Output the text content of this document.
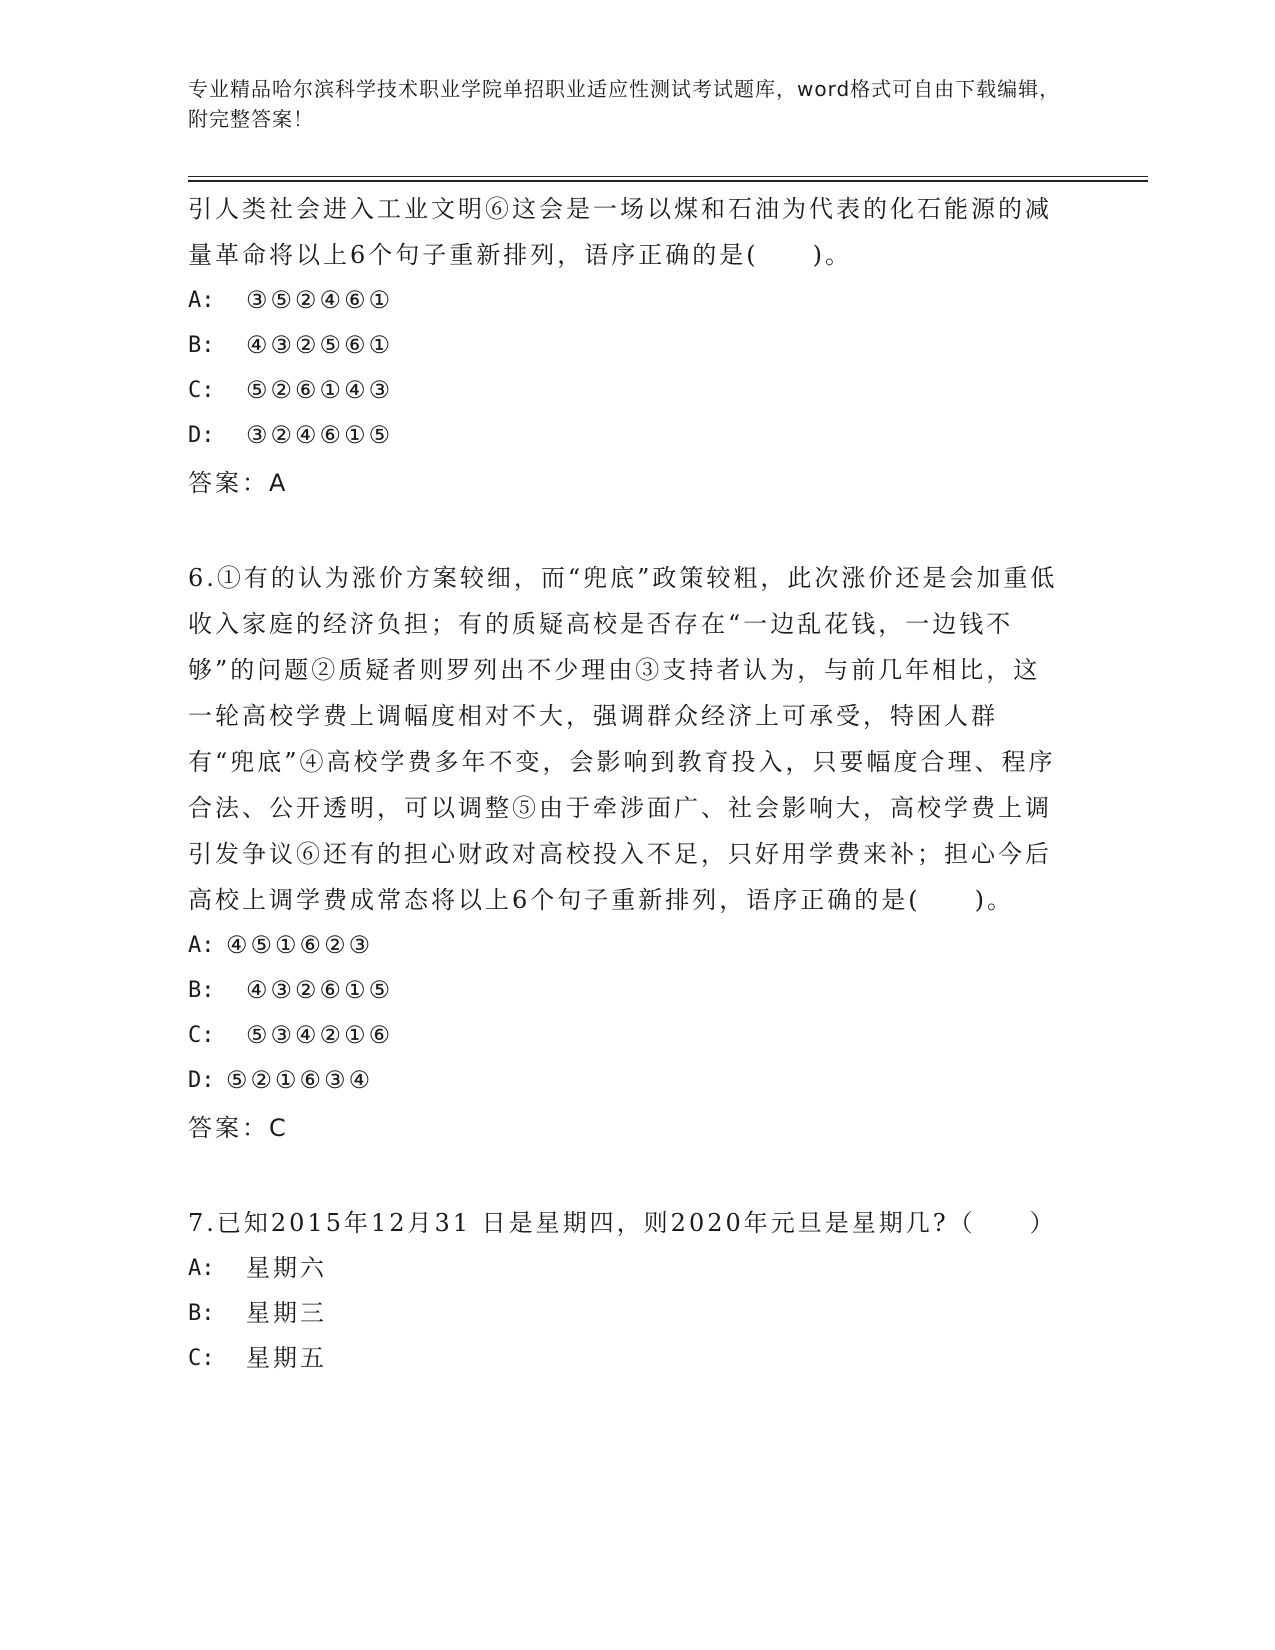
专业精品哈尔滨科学技术职业学院单招职业适应性测试考试题库，word格式可自由下载编辑，附完整答案！

引人类社会进入工业文明⑥这会是一场以煤和石油为代表的化石能源的减量革命将以上6个句子重新排列，语序正确的是(　　)。

A:	③⑤②④⑥①
B:	④③②⑤⑥①
C:	⑤②⑥①④③
D:	③②④⑥①⑤
答案：A

6.①有的认为涨价方案较细，而“兜底”政策较粗，此次涨价还是会加重低收入家庭的经济负担；有的质疑高校是否存在“一边乱花钱，一边钱不够”的问题②质疑者则罗列出不少理由③支持者认为，与前几年相比，这一轮高校学费上调幅度相对不大，强调群众经济上可承受，特困人群有“兜底”④高校学费多年不变，会影响到教育投入，只要幅度合理、程序合法、公开透明，可以调整⑤由于牵涉面广、社会影响大，高校学费上调引发争议⑥还有的担心财政对高校投入不足，只好用学费来补；担心今后高校上调学费成常态将以上6个句子重新排列，语序正确的是(　　)。

A: ④⑤①⑥②③
B:	④③②⑥①⑤
C:	⑤③④②①⑥
D: ⑤②①⑥③④
答案：C

7.已知2015年12月31 日是星期四，则2020年元旦是星期几?（　　）

A:	星期六
B:	星期三
C:	星期五
